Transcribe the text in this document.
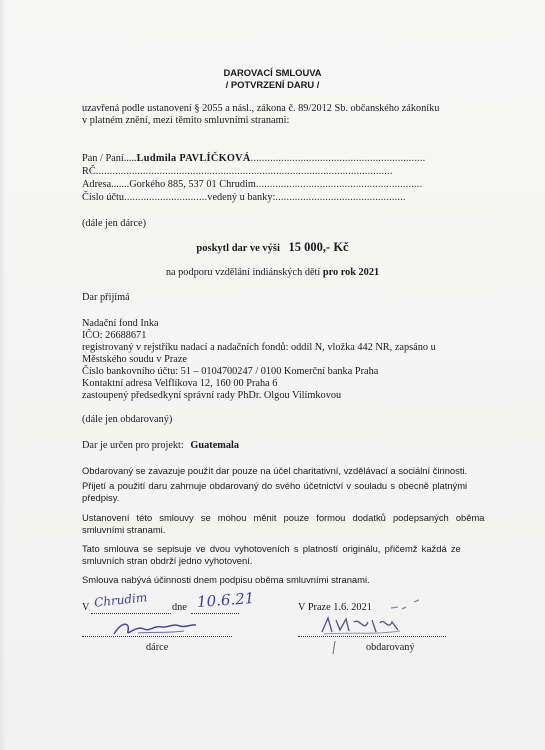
DAROVACÍ SMLOUVA
/ POTVRZENÍ DARU /
uzavřená podle ustanovení § 2055 a násl., zákona č. 89/2012 Sb. občanského zákoníku
v platném znění, mezi těmito smluvními stranami:
Pan / Paní.....Ludmila PAVLÍČKOVÁ...............................................................
RČ...........................................................................................................
Adresa.......Gorkého 885, 537 01 Chrudim............................................................
Číslo účtu..............................vedený u banky:...............................................
(dále jen dárce)
poskytl dar ve výši 15 000,- Kč
na podporu vzdělání indiánských dětí pro rok 2021
Dar přijímá
Nadační fond Inka
IČO: 26688671
registrovaný v rejstříku nadací a nadačních fondů: oddíl N, vložka 442 NR, zapsáno u
Městského soudu v Praze
Číslo bankovního účtu: 51 – 0104700247 / 0100 Komerční banka Praha
Kontaktní adresa Velflíkova 12, 160 00 Praha 6
zastoupený předsedkyní správní rady PhDr. Olgou Vilímkovou
(dále jen obdarovaný)
Dar je určen pro projekt: Guatemala
Obdarovaný se zavazuje použít dar pouze na účel charitativní, vzdělávací a sociální činnosti.
Přijetí a použití daru zahrnuje obdarovaný do svého účetnictví v souladu s obecně platnými
předpisy.
Ustanovení této smlouvy se mohou měnit pouze formou dodatků podepsaných oběma
smluvními stranami.
Tato smlouva se sepisuje ve dvou vyhotoveních s platností originálu, přičemž každá ze
smluvních stran obdrží jedno vyhotovení.
Smlouva nabývá účinnosti dnem podpisu oběma smluvními stranami.
V Chrudim dne 10.6.21	V Praze 1.6. 2021
dárce	obdarovaný
